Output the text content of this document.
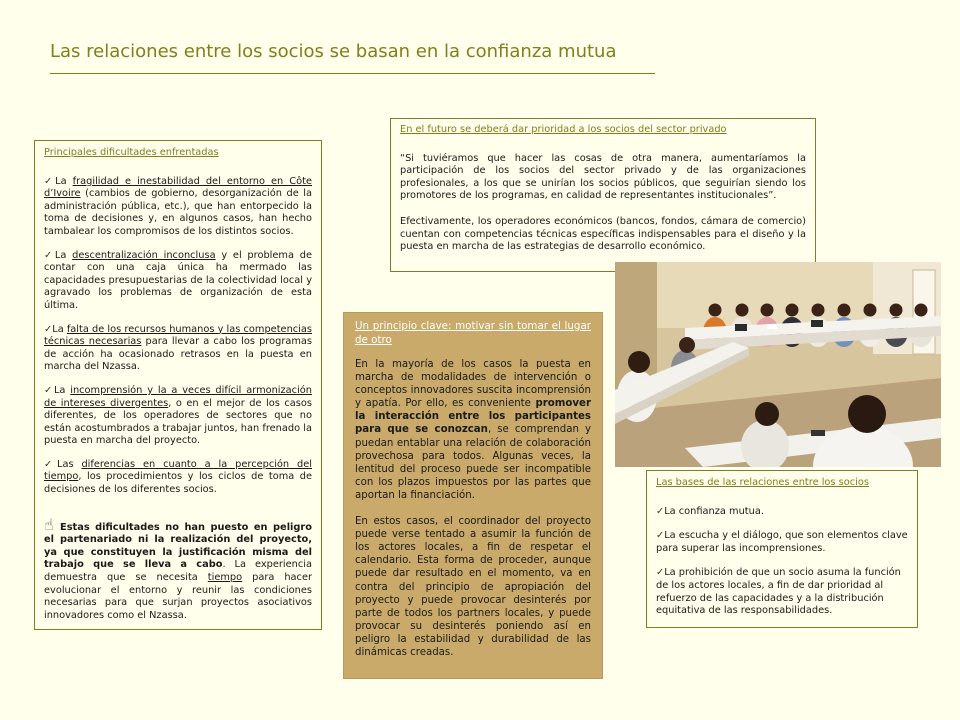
Las relaciones entre los socios se basan en la confianza mutua
Principales dificultades enfrentadas

✓ La fragilidad e inestabilidad del entorno en Côte d’Ivoire (cambios de gobierno, desorganización de la administración pública, etc.), que han entorpecido la toma de decisiones y, en algunos casos, han hecho tambalear los compromisos de los distintos socios.

✓ La descentralización inconclusa y el problema de contar con una caja única ha mermado las capacidades presupuestarias de la colectividad local y agravado los problemas de organización de esta última.

✓ La falta de los recursos humanos y las competencias técnicas necesarias para llevar a cabo los programas de acción ha ocasionado retrasos en la puesta en marcha del Nzassa.

✓ La incomprensión y la a veces difícil armonización de intereses divergentes, o en el mejor de los casos diferentes, de los operadores de sectores que no están acostumbrados a trabajar juntos, han frenado la puesta en marcha del proyecto.

✓ Las diferencias en cuanto a la percepción del tiempo, los procedimientos y los ciclos de toma de decisiones de los diferentes socios.

☝Estas dificultades no han puesto en peligro el partenariado ni la realización del proyecto, ya que constituyen la justificación misma del trabajo que se lleva a cabo. La experiencia demuestra que se necesita tiempo para hacer evolucionar el entorno y reunir las condiciones necesarias para que surjan proyectos asociativos innovadores como el Nzassa.

En el futuro se deberá dar prioridad a los socios del sector privado

“Si tuviéramos que hacer las cosas de otra manera, aumentaríamos la participación de los socios del sector privado y de las organizaciones profesionales, a los que se unirían los socios públicos, que seguirían siendo los promotores de los programas, en calidad de representantes institucionales”.

Efectivamente, los operadores económicos (bancos, fondos, cámara de comercio) cuentan con competencias técnicas específicas indispensables para el diseño y la puesta en marcha de las estrategias de desarrollo económico.

Un principio clave: motivar sin tomar el lugar de otro

En la mayoría de los casos la puesta en marcha de modalidades de intervención o conceptos innovadores suscita incomprensión y apatía. Por ello, es conveniente promover la interacción entre los participantes para que se conozcan, se comprendan y puedan entablar una relación de colaboración provechosa para todos. Algunas veces, la lentitud del proceso puede ser incompatible con los plazos impuestos por las partes que aportan la financiación.

En estos casos, el coordinador del proyecto puede verse tentado a asumir la función de los actores locales, a fin de respetar el calendario. Esta forma de proceder, aunque puede dar resultado en el momento, va en contra del principio de apropiación del proyecto y puede provocar desinterés por parte de todos los partners locales, y puede provocar su desinterés poniendo así en peligro la estabilidad y durabilidad de las dinámicas creadas.

Las bases de las relaciones entre los socios

✓ La confianza mutua.

✓ La escucha y el diálogo, que son elementos clave para superar las incomprensiones.

✓ La prohibición de que un socio asuma la función de los actores locales, a fin de dar prioridad al refuerzo de las capacidades y a la distribución equitativa de las responsabilidades.
